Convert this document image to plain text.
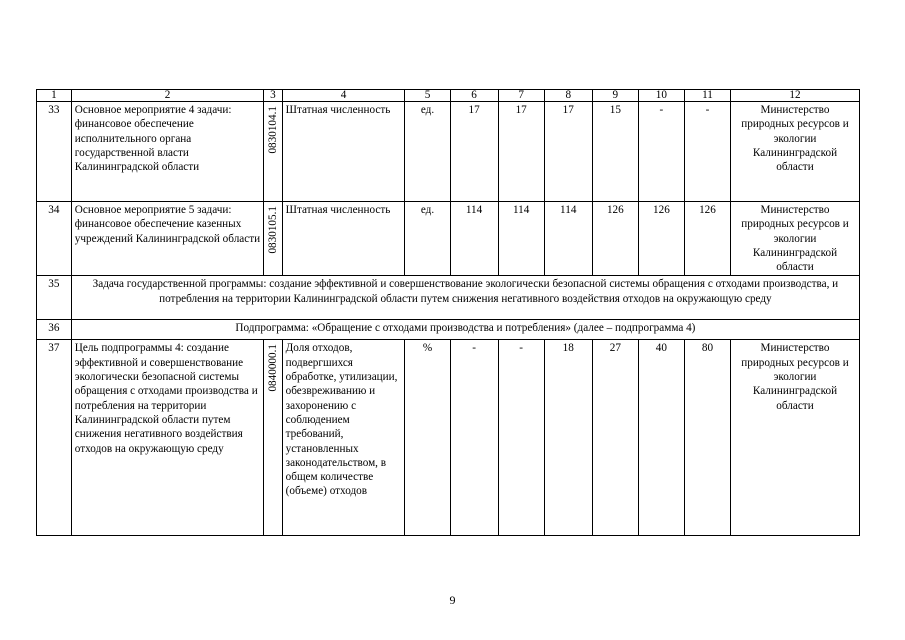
1	2	3	4	5	6	7	8	9	10	11	12
33	Основное мероприятие 4 задачи: финансовое обеспечение исполнительного органа государственной власти Калининградской области	0830104.1	Штатная численность	ед.	17	17	17	15	-	-	Министерство природных ресурсов и экологии Калининградской области
34	Основное мероприятие 5 задачи: финансовое обеспечение казенных учреждений Калининградской области	0830105.1	Штатная численность	ед.	114	114	114	126	126	126	Министерство природных ресурсов и экологии Калининградской области
35	Задача государственной программы: создание эффективной и совершенствование экологически безопасной системы обращения с отходами производства, и потребления на территории Калининградской области путем снижения негативного воздействия отходов на окружающую среду										
36	Подпрограмма: «Обращение с отходами производства и потребления» (далее – подпрограмма 4)										
37	Цель подпрограммы 4: создание эффективной и совершенствование экологически безопасной системы обращения с отходами производства и потребления на территории Калининградской области путем снижения негативного воздействия отходов на окружающую среду	0840000.1	Доля отходов, подвергшихся обработке, утилизации, обезвреживанию и захоронению с соблюдением требований, установленных законодательством, в общем количестве (объеме) отходов	%	-	-	18	27	40	80	Министерство природных ресурсов и экологии Калининградской области
9
